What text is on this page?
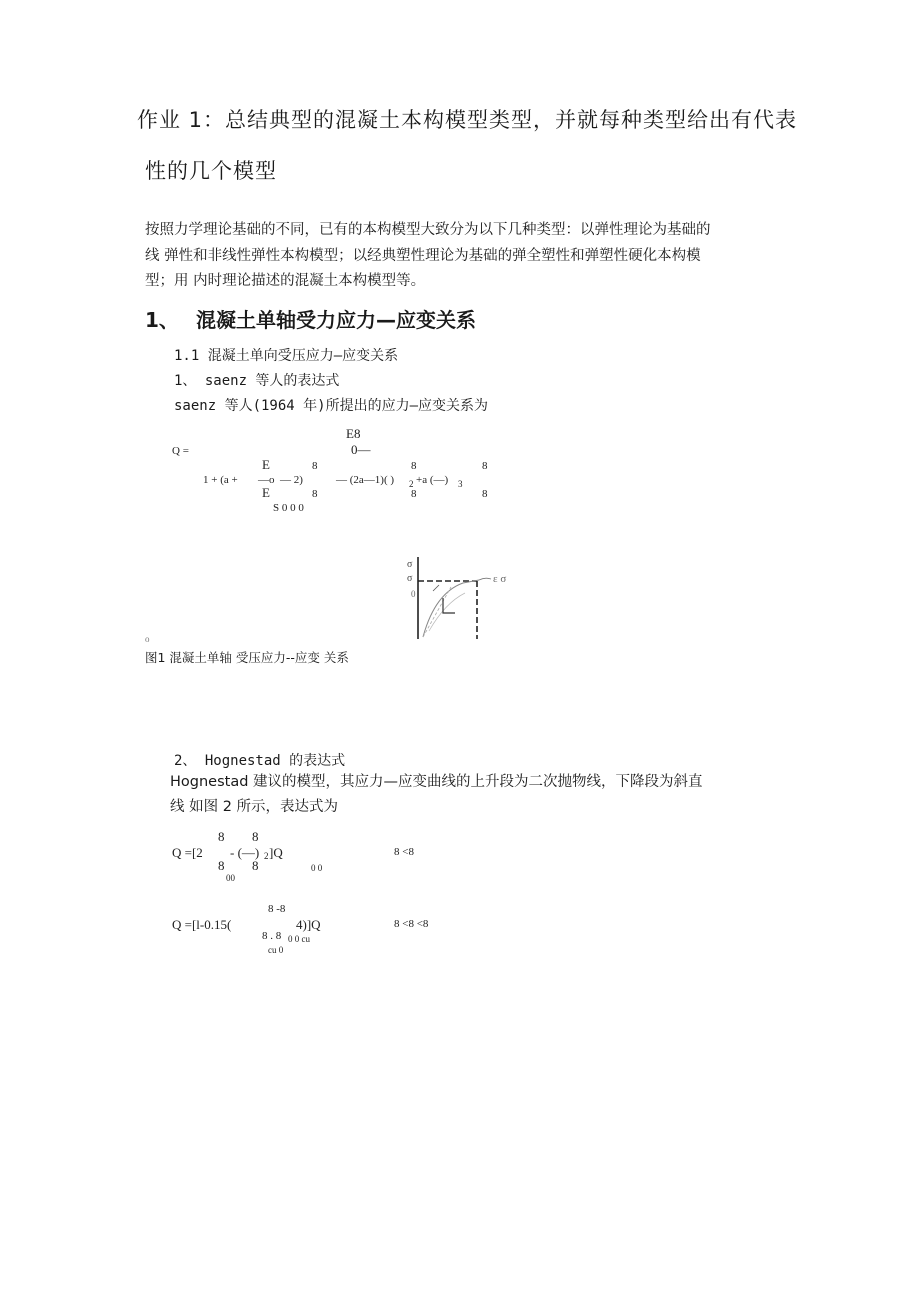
作业 1：总结典型的混凝土本构模型类型，并就每种类型给出有代表
性的几个模型
按照力学理论基础的不同，已有的本构模型大致分为以下几种类型：以弹性理论为基础的
线 弹性和非线性弹性本构模型；以经典塑性理论为基础的弹全塑性和弹塑性硬化本构模
型；用 内时理论描述的混凝土本构模型等。
1、 混凝土单轴受力应力—应变关系
1.1 混凝土单向受压应力—应变关系
1、 saenz 等人的表达式
saenz 等人(1964 年)所提出的应力—应变关系为
Q =
E8
0—
1 + (a +
E
—o
E
— 2)
S 0 0 0
8
8
— (2a—1)( ) 2 +a (—) 3
8
8
8
8
σ
σ
0
ε σ
o
图1 混凝土单轴 受压应力--应变 关系
2、 Hognestad 的表达式
Hognestad 建议的模型，其应力—应变曲线的上升段为二次抛物线，下降段为斜直
线 如图 2 所示，表达式为
Q =[2
8 8
- (—) 2 ]Q
8
00
8	0 0
8 <8
Q =[l-0.15(
8 -8
4)]Q
8 . 8 0 0 cu
cu 0
8 <8 <8
